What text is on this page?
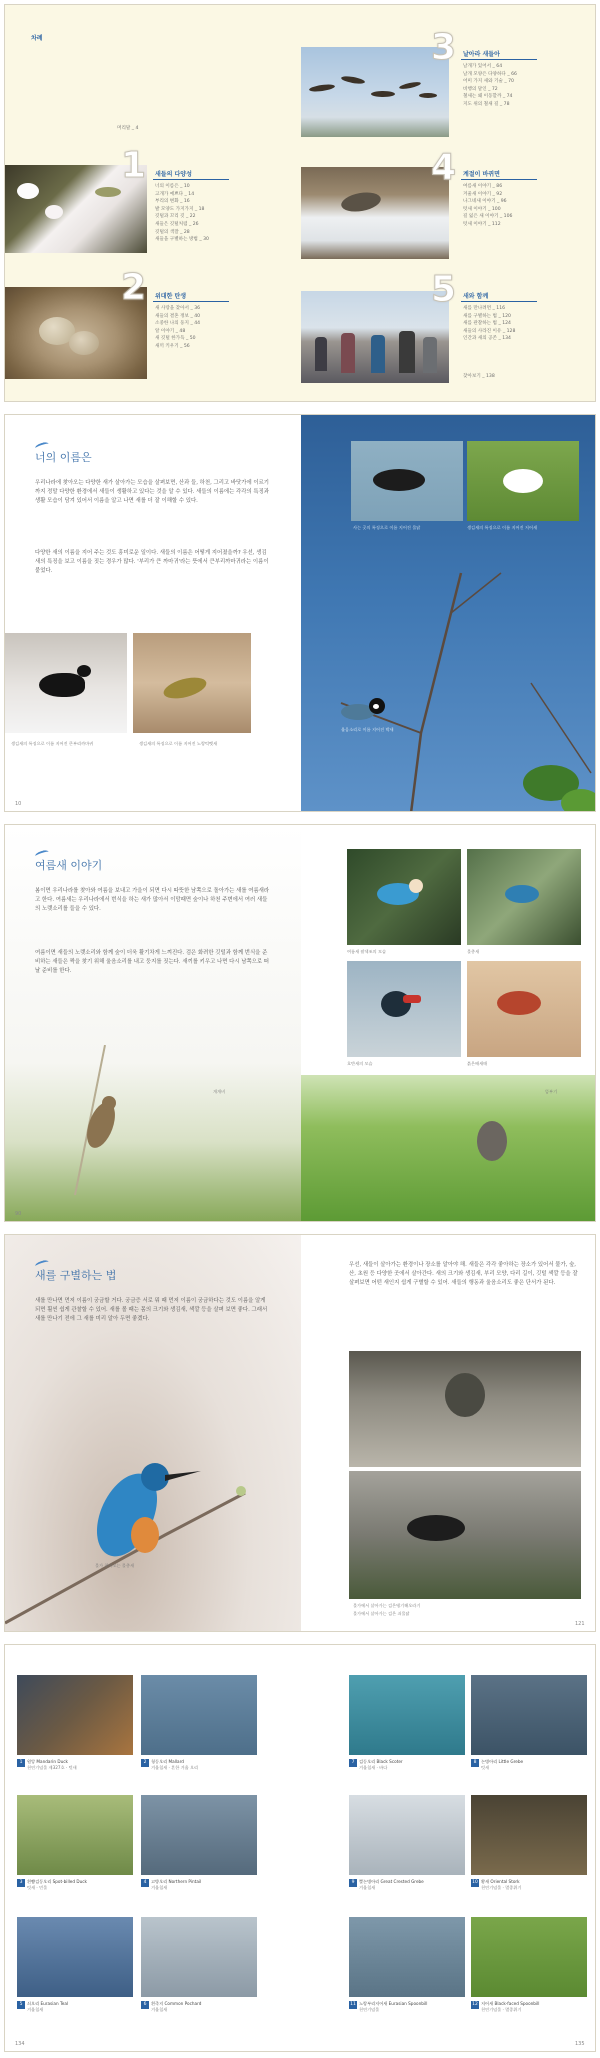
차례
머리말 _ 4
1 새들의 다양성
너의 이름은 _ 10
고개가 예쁘다 _ 14
부리의 변화 _ 16
발 모양도 가지가지 _ 18
깃털과 꼬리 깃 _ 22
새들은 깃털처럼 _ 26
깃털의 색깔 _ 28
새들을 구별하는 방법 _ 30
2 위대한 탄생
새 사랑을 찾아서 _ 36
새들의 결혼 정보 _ 40
소중한 나의 둥지 _ 44
알 이야기 _ 48
새 깃털 한가득 _ 50
새끼 키우기 _ 56
3 날아라 새들아
날개가 있어서 _ 64
날개 모양은 다양하다 _ 66
어미 가지 새와 기술 _ 70
비행의 달인 _ 72
철새는 왜 이동할까 _ 74
지도 위의 철새 길 _ 78
4 계절이 바뀌면
여름새 이야기 _ 86
겨울새 이야기 _ 92
나그네새 이야기 _ 96
텃새 이야기 _ 100
길 잃은 새 이야기 _ 106
텃새 이야기 _ 112
5 새와 함께
새를 만나려면 _ 116
새를 구별하는 법 _ 120
새를 관찰하는 법 _ 124
새들의 사라진 이유 _ 128
인간과 새의 공존 _ 134
찾아보기 _ 138
너의 이름은
우리나라에 찾아오는 다양한 새가 살아가는 모습을 살펴보면, 산과 들, 하천, 그리고 바닷가에 이르기까지 정말 다양한 환경에서 새들이 생활하고 있다는 것을 알 수 있다. 새들의 이름에는 각각의 특징과 생활 모습이 담겨 있어서 이름을 알고 나면 새를 더 잘 이해할 수 있다.
다양한 새의 이름을 지어 주는 것도 흥미로운 일이다. 새들의 이름은 어떻게 지어졌을까? 우선, 생김새의 특징을 보고 이름을 짓는 경우가 많다. '부리가 큰 까마귀'라는 뜻에서 큰부리까마귀라는 이름이 붙었다.
생김새의 특징으로 이름 지어진 큰부리까마귀	생김새의 특징으로 이름 지어진 노랑턱멧새
10
사는 곳의 특징으로 이름 지어진 물닭	생김새의 특징으로 이름 지어진 저어새
울음소리로 이름 지어진 박새
여름새 이야기
봄이면 우리나라를 찾아와 여름을 보내고 가을이 되면 다시 따뜻한 남쪽으로 돌아가는 새를 여름새라고 한다. 여름새는 우리나라에서 번식을 하는 새가 많아서 이맘때면 숲이나 하천 주변에서 여러 새들의 노랫소리를 들을 수 있다.
여름이면 새들의 노랫소리와 함께 숲이 더욱 활기차게 느껴진다. 검은 화려한 깃털과 함께 번식을 준비하는 새들은 짝을 찾기 위해 울음소리를 내고 둥지를 짓는다. 새끼를 키우고 나면 다시 남쪽으로 떠날 준비를 한다.
개개비
90
여름새 팔색조의 모습	물총새
호반새의 모습	붉은배새매
뜸부기
새를 구별하는 법
새를 만나면 먼저 이름이 궁금할 거다. 궁금증 서로 뭐 때 먼저 이름이 궁금하다는 것도 이름을 알게 되면 훨씬 쉽게 관찰할 수 있어. 새를 볼 때는 몸의 크기와 생김새, 색깔 등을 살펴 보면 좋다. 그래서 새를 만나기 전에 그 새를 미리 알아 두면 좋겠다.
물가 찾아오는 물총새
우선, 새들이 살아가는 환경이나 장소를 알아야 해. 새들은 각각 좋아하는 장소가 있어서 물가, 숲, 산, 초원 등 다양한 곳에서 살아간다. 새의 크기와 생김새, 부리 모양, 다리 길이, 깃털 색깔 등을 잘 살펴보면 어떤 새인지 쉽게 구별할 수 있어. 새들의 행동과 울음소리도 좋은 단서가 된다.
물가에서 살아가는 검은댕기해오라기
물가에서 살아가는 검은 쇠물닭
121
1	원앙 Mandarin Duck
천연기념물 제327호 · 텃새
2	청둥오리 Mallard
겨울철새 · 흔한 겨울 오리
3	흰뺨검둥오리 Spot-billed Duck
텃새 · 민물
4	고방오리 Northern Pintail
겨울철새
5	쇠오리 Eurasian Teal
겨울철새
6	흰죽지 Common Pochard
겨울철새
134
7	검둥오리 Black Scoter
겨울철새 · 바다
8	논병아리 Little Grebe
텃새
9	뿔논병아리 Great Crested Grebe
겨울철새
10 황새 Oriental Stork
천연기념물 · 멸종위기
11 노랑부리저어새 Eurasian Spoonbill
천연기념물
12 저어새 Black-faced Spoonbill
천연기념물 · 멸종위기
135
